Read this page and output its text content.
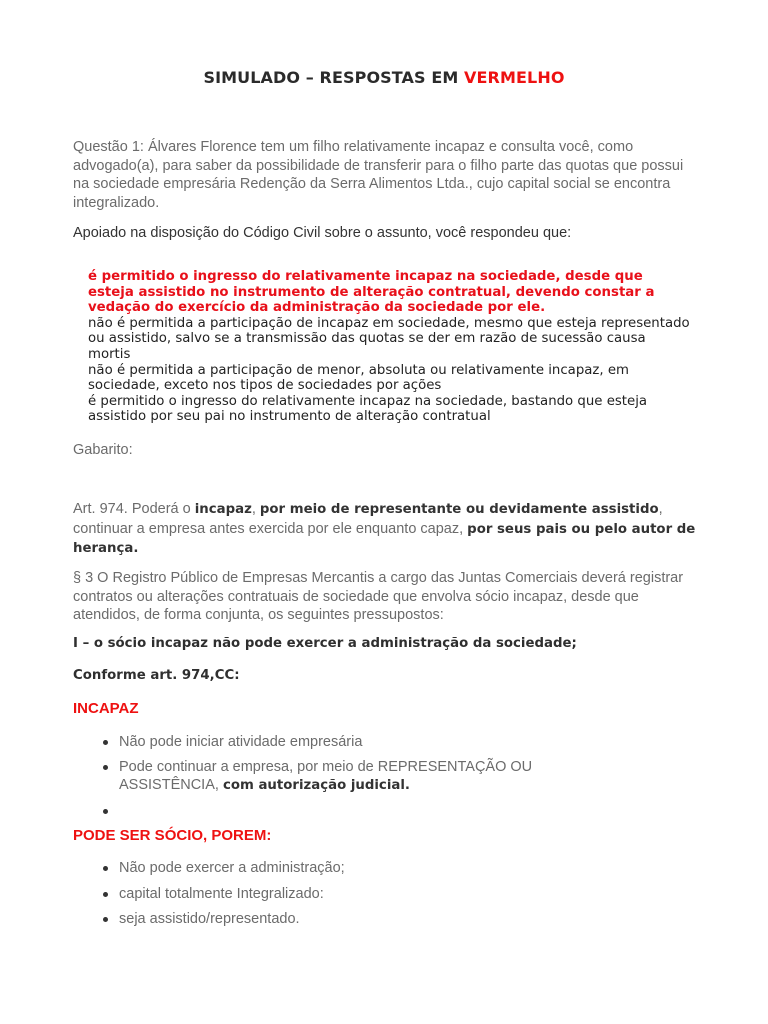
SIMULADO – RESPOSTAS EM VERMELHO
Questão 1: Álvares Florence tem um filho relativamente incapaz e consulta você, como advogado(a), para saber da possibilidade de transferir para o filho parte das quotas que possui na sociedade empresária Redenção da Serra Alimentos Ltda., cujo capital social se encontra integralizado.
Apoiado na disposição do Código Civil sobre o assunto, você respondeu que:
é permitido o ingresso do relativamente incapaz na sociedade, desde que esteja assistido no instrumento de alteração contratual, devendo constar a vedação do exercício da administração da sociedade por ele.
não é permitida a participação de incapaz em sociedade, mesmo que esteja representado ou assistido, salvo se a transmissão das quotas se der em razão de sucessão causa mortis
não é permitida a participação de menor, absoluta ou relativamente incapaz, em sociedade, exceto nos tipos de sociedades por ações
é permitido o ingresso do relativamente incapaz na sociedade, bastando que esteja assistido por seu pai no instrumento de alteração contratual
Gabarito:
Art. 974. Poderá o incapaz, por meio de representante ou devidamente assistido, continuar a empresa antes exercida por ele enquanto capaz, por seus pais ou pelo autor de herança.
§ 3 O Registro Público de Empresas Mercantis a cargo das Juntas Comerciais deverá registrar contratos ou alterações contratuais de sociedade que envolva sócio incapaz, desde que atendidos, de forma conjunta, os seguintes pressupostos:
I – o sócio incapaz não pode exercer a administração da sociedade;
Conforme art. 974,CC:
INCAPAZ
Não pode iniciar atividade empresária
Pode continuar a empresa, por meio de REPRESENTAÇÃO OU ASSISTÊNCIA, com autorização judicial.
PODE SER SÓCIO, POREM:
Não pode exercer a administração;
capital totalmente Integralizado:
seja assistido/representado.
